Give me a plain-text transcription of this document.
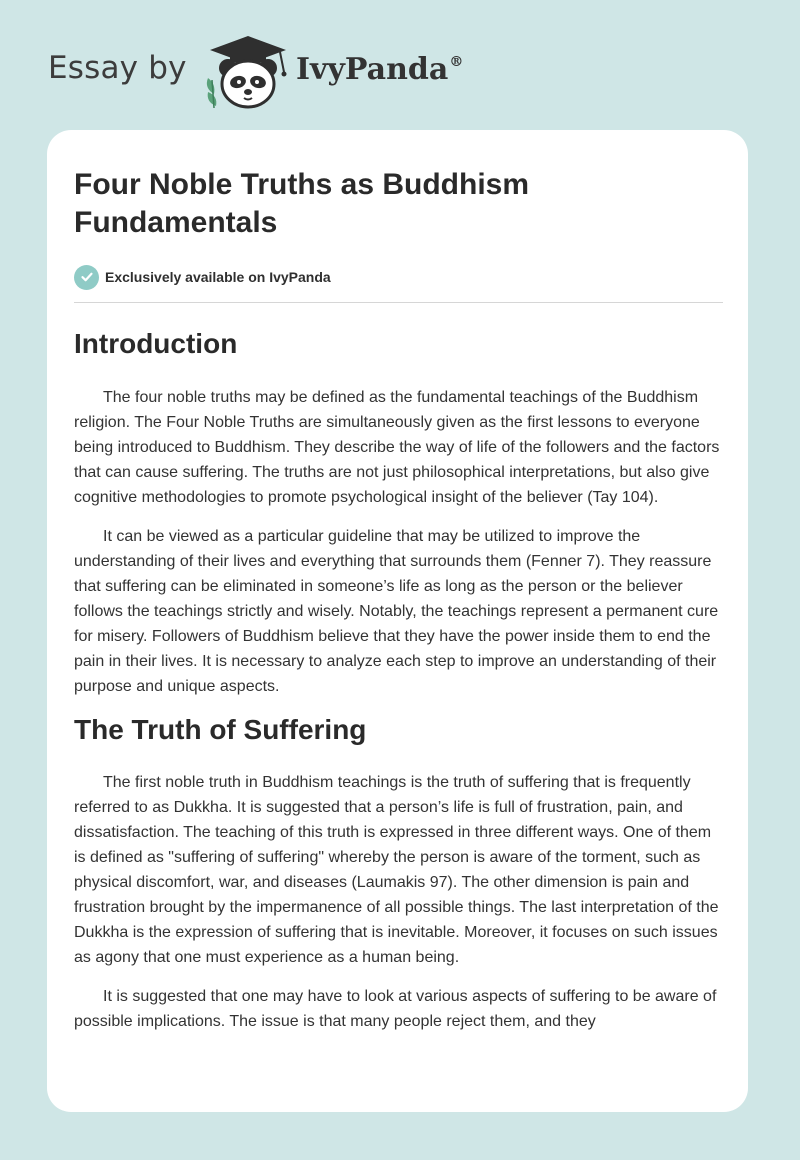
Essay by	IvyPanda®
Four Noble Truths as Buddhism Fundamentals
Exclusively available on IvyPanda
Introduction

The four noble truths may be defined as the fundamental teachings of the Buddhism religion. The Four Noble Truths are simultaneously given as the first lessons to everyone being introduced to Buddhism. They describe the way of life of the followers and the factors that can cause suffering. The truths are not just philosophical interpretations, but also give cognitive methodologies to promote psychological insight of the believer (Tay 104).

It can be viewed as a particular guideline that may be utilized to improve the understanding of their lives and everything that surrounds them (Fenner 7). They reassure that suffering can be eliminated in someone’s life as long as the person or the believer follows the teachings strictly and wisely. Notably, the teachings represent a permanent cure for misery. Followers of Buddhism believe that they have the power inside them to end the pain in their lives. It is necessary to analyze each step to improve an understanding of their purpose and unique aspects.

The Truth of Suffering

The first noble truth in Buddhism teachings is the truth of suffering that is frequently referred to as Dukkha. It is suggested that a person’s life is full of frustration, pain, and dissatisfaction. The teaching of this truth is expressed in three different ways. One of them is defined as "suffering of suffering" whereby the person is aware of the torment, such as physical discomfort, war, and diseases (Laumakis 97). The other dimension is pain and frustration brought by the impermanence of all possible things. The last interpretation of the Dukkha is the expression of suffering that is inevitable. Moreover, it focuses on such issues as agony that one must experience as a human being.

It is suggested that one may have to look at various aspects of suffering to be aware of possible implications. The issue is that many people reject them, and they
